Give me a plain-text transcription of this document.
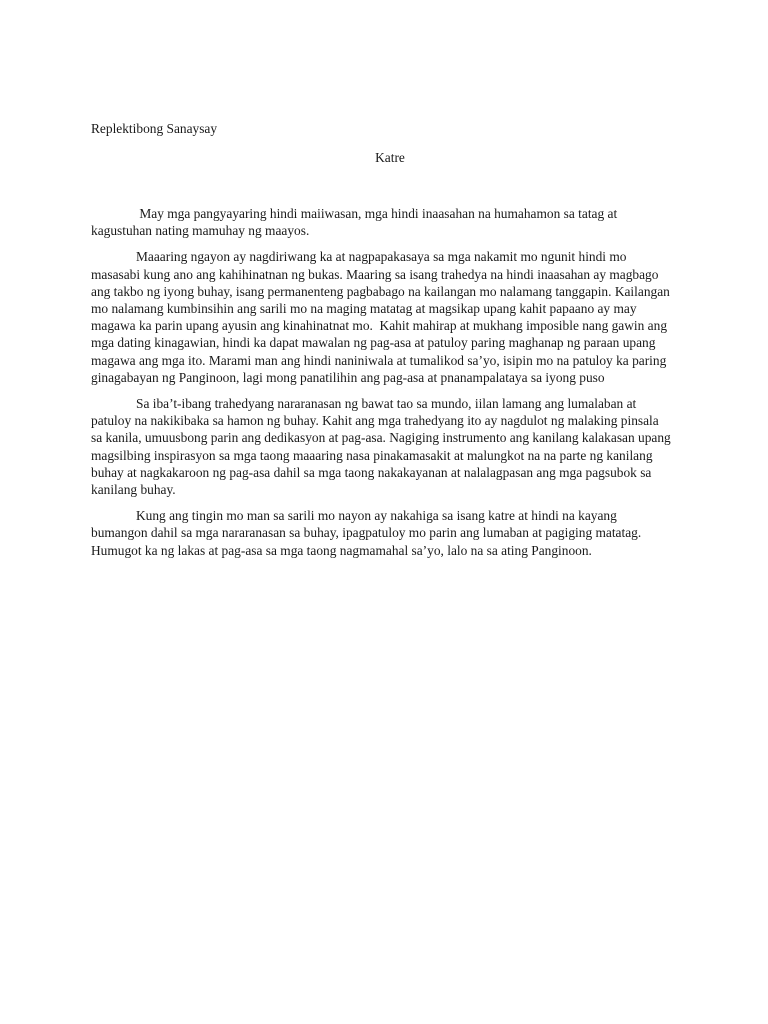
Replektibong Sanaysay

Katre

May mga pangyayaring hindi maiiwasan, mga hindi inaasahan na humahamon sa tatag at kagustuhan nating mamuhay ng maayos.

Maaaring ngayon ay nagdiriwang ka at nagpapakasaya sa mga nakamit mo ngunit hindi mo masasabi kung ano ang kahihinatnan ng bukas. Maaring sa isang trahedya na hindi inaasahan ay magbago ang takbo ng iyong buhay, isang permanenteng pagbabago na kailangan mo nalamang tanggapin. Kailangan mo nalamang kumbinsihin ang sarili mo na maging matatag at magsikap upang kahit papaano ay may magawa ka parin upang ayusin ang kinahinatnat mo.  Kahit mahirap at mukhang imposible nang gawin ang mga dating kinagawian, hindi ka dapat mawalan ng pag-asa at patuloy paring maghanap ng paraan upang magawa ang mga ito. Marami man ang hindi naniniwala at tumalikod sa’yo, isipin mo na patuloy ka paring ginagabayan ng Panginoon, lagi mong panatilihin ang pag-asa at pnanampalataya sa iyong puso

Sa iba’t-ibang trahedyang nararanasan ng bawat tao sa mundo, iilan lamang ang lumalaban at patuloy na nakikibaka sa hamon ng buhay. Kahit ang mga trahedyang ito ay nagdulot ng malaking pinsala sa kanila, umuusbong parin ang dedikasyon at pag-asa. Nagiging instrumento ang kanilang kalakasan upang magsilbing inspirasyon sa mga taong maaaring nasa pinakamasakit at malungkot na na parte ng kanilang buhay at nagkakaroon ng pag-asa dahil sa mga taong nakakayanan at nalalagpasan ang mga pagsubok sa kanilang buhay.

Kung ang tingin mo man sa sarili mo nayon ay nakahiga sa isang katre at hindi na kayang bumangon dahil sa mga nararanasan sa buhay, ipagpatuloy mo parin ang lumaban at pagiging matatag. Humugot ka ng lakas at pag-asa sa mga taong nagmamahal sa’yo, lalo na sa ating Panginoon.
